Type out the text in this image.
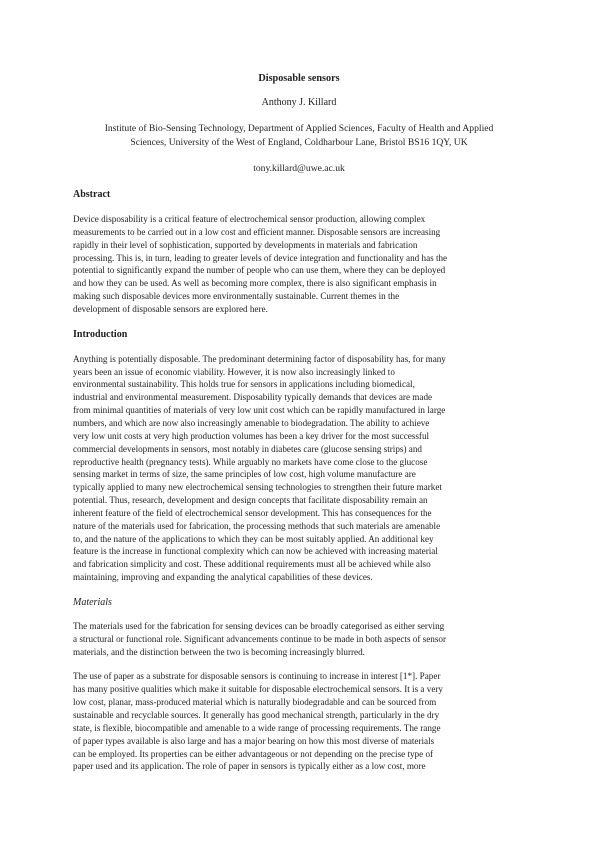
Disposable sensors
Anthony J. Killard
Institute of Bio-Sensing Technology, Department of Applied Sciences, Faculty of Health and Applied
Sciences, University of the West of England, Coldharbour Lane, Bristol BS16 1QY, UK
tony.killard@uwe.ac.uk
Abstract

Device disposability is a critical feature of electrochemical sensor production, allowing complex
measurements to be carried out in a low cost and efficient manner. Disposable sensors are increasing
rapidly in their level of sophistication, supported by developments in materials and fabrication
processing. This is, in turn, leading to greater levels of device integration and functionality and has the
potential to significantly expand the number of people who can use them, where they can be deployed
and how they can be used. As well as becoming more complex, there is also significant emphasis in
making such disposable devices more environmentally sustainable. Current themes in the
development of disposable sensors are explored here.

Introduction

Anything is potentially disposable. The predominant determining factor of disposability has, for many
years been an issue of economic viability. However, it is now also increasingly linked to
environmental sustainability. This holds true for sensors in applications including biomedical,
industrial and environmental measurement. Disposability typically demands that devices are made
from minimal quantities of materials of very low unit cost which can be rapidly manufactured in large
numbers, and which are now also increasingly amenable to biodegradation. The ability to achieve
very low unit costs at very high production volumes has been a key driver for the most successful
commercial developments in sensors, most notably in diabetes care (glucose sensing strips) and
reproductive health (pregnancy tests). While arguably no markets have come close to the glucose
sensing market in terms of size, the same principles of low cost, high volume manufacture are
typically applied to many new electrochemical sensing technologies to strengthen their future market
potential. Thus, research, development and design concepts that facilitate disposability remain an
inherent feature of the field of electrochemical sensor development. This has consequences for the
nature of the materials used for fabrication, the processing methods that such materials are amenable
to, and the nature of the applications to which they can be most suitably applied. An additional key
feature is the increase in functional complexity which can now be achieved with increasing material
and fabrication simplicity and cost. These additional requirements must all be achieved while also
maintaining, improving and expanding the analytical capabilities of these devices.

Materials

The materials used for the fabrication for sensing devices can be broadly categorised as either serving
a structural or functional role. Significant advancements continue to be made in both aspects of sensor
materials, and the distinction between the two is becoming increasingly blurred.

The use of paper as a substrate for disposable sensors is continuing to increase in interest [1*]. Paper
has many positive qualities which make it suitable for disposable electrochemical sensors. It is a very
low cost, planar, mass-produced material which is naturally biodegradable and can be sourced from
sustainable and recyclable sources. It generally has good mechanical strength, particularly in the dry
state, is flexible, biocompatible and amenable to a wide range of processing requirements. The range
of paper types available is also large and has a major bearing on how this most diverse of materials
can be employed. Its properties can be either advantageous or not depending on the precise type of
paper used and its application. The role of paper in sensors is typically either as a low cost, more
